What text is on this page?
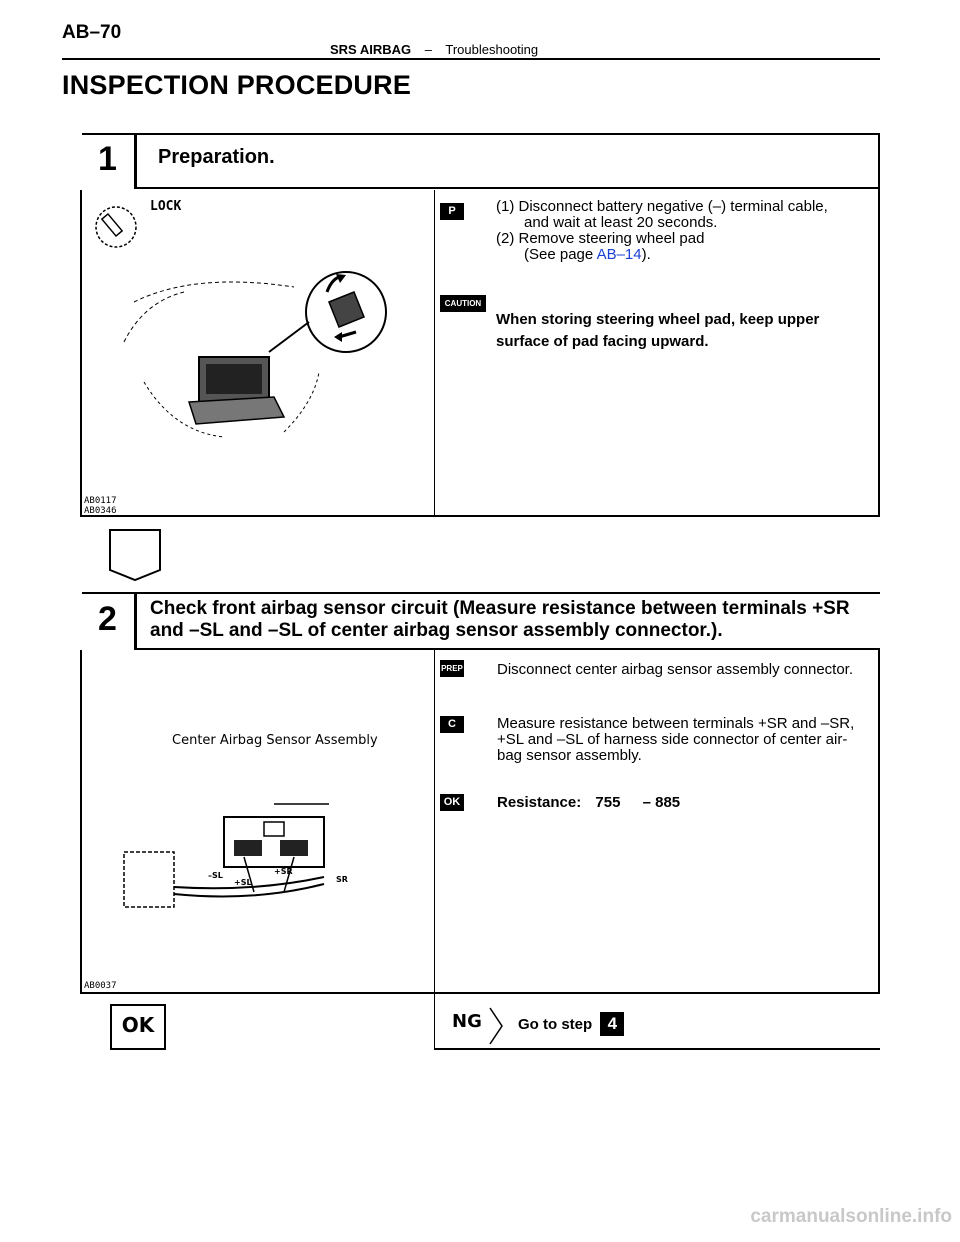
AB–70
SRS AIRBAG – Troubleshooting
INSPECTION PROCEDURE
1 Preparation.
LOCK
AB0117
AB0346
P	(1) Disconnect battery negative (–) terminal cable,
and wait at least 20 seconds.
(2) Remove steering wheel pad
(See page AB–14).
CAUTION
When storing steering wheel pad, keep upper
surface of pad facing upward.
2 Check front airbag sensor circuit (Measure resistance between terminals +SR
and –SL and –SL of center airbag sensor assembly connector.).
Center Airbag Sensor Assembly
–SL
+SL
+SR
SR
AB0037
PREP Disconnect center airbag sensor assembly connector.
C	Measure resistance between terminals +SR and –SR,
+SL and –SL of harness side connector of center air-
bag sensor assembly.
OK Resistance: 755 – 885
NG Go to step 4
OK
carmanualsonline.info
